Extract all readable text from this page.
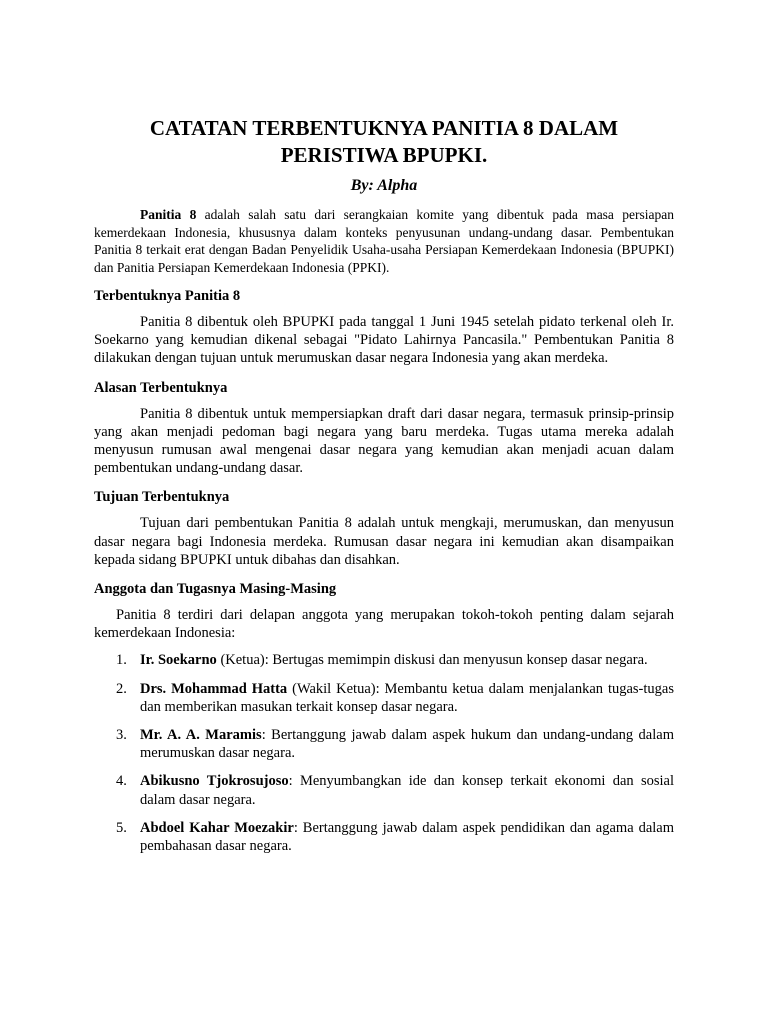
CATATAN TERBENTUKNYA PANITIA 8 DALAM PERISTIWA BPUPKI.

By: Alpha

Panitia 8 adalah salah satu dari serangkaian komite yang dibentuk pada masa persiapan kemerdekaan Indonesia, khususnya dalam konteks penyusunan undang-undang dasar. Pembentukan Panitia 8 terkait erat dengan Badan Penyelidik Usaha-usaha Persiapan Kemerdekaan Indonesia (BPUPKI) dan Panitia Persiapan Kemerdekaan Indonesia (PPKI).

Terbentuknya Panitia 8

Panitia 8 dibentuk oleh BPUPKI pada tanggal 1 Juni 1945 setelah pidato terkenal oleh Ir. Soekarno yang kemudian dikenal sebagai "Pidato Lahirnya Pancasila." Pembentukan Panitia 8 dilakukan dengan tujuan untuk merumuskan dasar negara Indonesia yang akan merdeka.

Alasan Terbentuknya

Panitia 8 dibentuk untuk mempersiapkan draft dari dasar negara, termasuk prinsip-prinsip yang akan menjadi pedoman bagi negara yang baru merdeka. Tugas utama mereka adalah menyusun rumusan awal mengenai dasar negara yang kemudian akan menjadi acuan dalam pembentukan undang-undang dasar.

Tujuan Terbentuknya

Tujuan dari pembentukan Panitia 8 adalah untuk mengkaji, merumuskan, dan menyusun dasar negara bagi Indonesia merdeka. Rumusan dasar negara ini kemudian akan disampaikan kepada sidang BPUPKI untuk dibahas dan disahkan.

Anggota dan Tugasnya Masing-Masing

Panitia 8 terdiri dari delapan anggota yang merupakan tokoh-tokoh penting dalam sejarah kemerdekaan Indonesia:

1. Ir. Soekarno (Ketua): Bertugas memimpin diskusi dan menyusun konsep dasar negara.
2. Drs. Mohammad Hatta (Wakil Ketua): Membantu ketua dalam menjalankan tugas-tugas dan memberikan masukan terkait konsep dasar negara.
3. Mr. A. A. Maramis: Bertanggung jawab dalam aspek hukum dan undang-undang dalam merumuskan dasar negara.
4. Abikusno Tjokrosujoso: Menyumbangkan ide dan konsep terkait ekonomi dan sosial dalam dasar negara.
5. Abdoel Kahar Moezakir: Bertanggung jawab dalam aspek pendidikan dan agama dalam pembahasan dasar negara.
